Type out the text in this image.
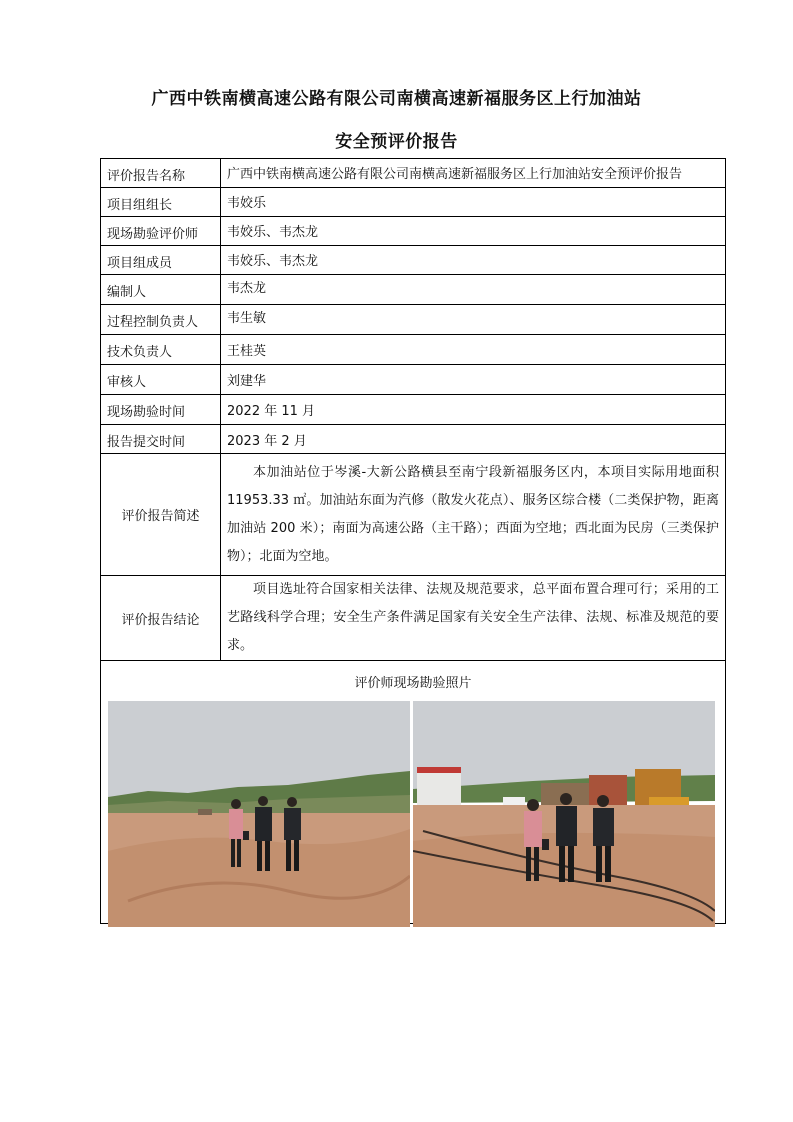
广西中铁南横高速公路有限公司南横高速新福服务区上行加油站
安全预评价报告
评价报告名称	广西中铁南横高速公路有限公司南横高速新福服务区上行加油站安全预评价报告
项目组组长	韦姣乐
现场勘验评价师	韦姣乐、韦杰龙
项目组成员	韦姣乐、韦杰龙
编制人	韦杰龙
过程控制负责人	韦生敏
技术负责人	王桂英
审核人	刘建华
现场勘验时间	2022 年 11 月
报告提交时间	2023 年 2 月
评价报告简述	本加油站位于岑溪-大新公路横县至南宁段新福服务区内，本项目实际用地面积 11953.33 ㎡。加油站东面为汽修（散发火花点）、服务区综合楼（二类保护物，距离加油站 200 米）；南面为高速公路（主干路）；西面为空地；西北面为民房（三类保护物）；北面为空地。

评价报告结论	项目选址符合国家相关法律、法规及规范要求，总平面布置合理可行；采用的工艺路线科学合理；安全生产条件满足国家有关安全生产法律、法规、标准及规范的要求。

评价师现场勘验照片	
